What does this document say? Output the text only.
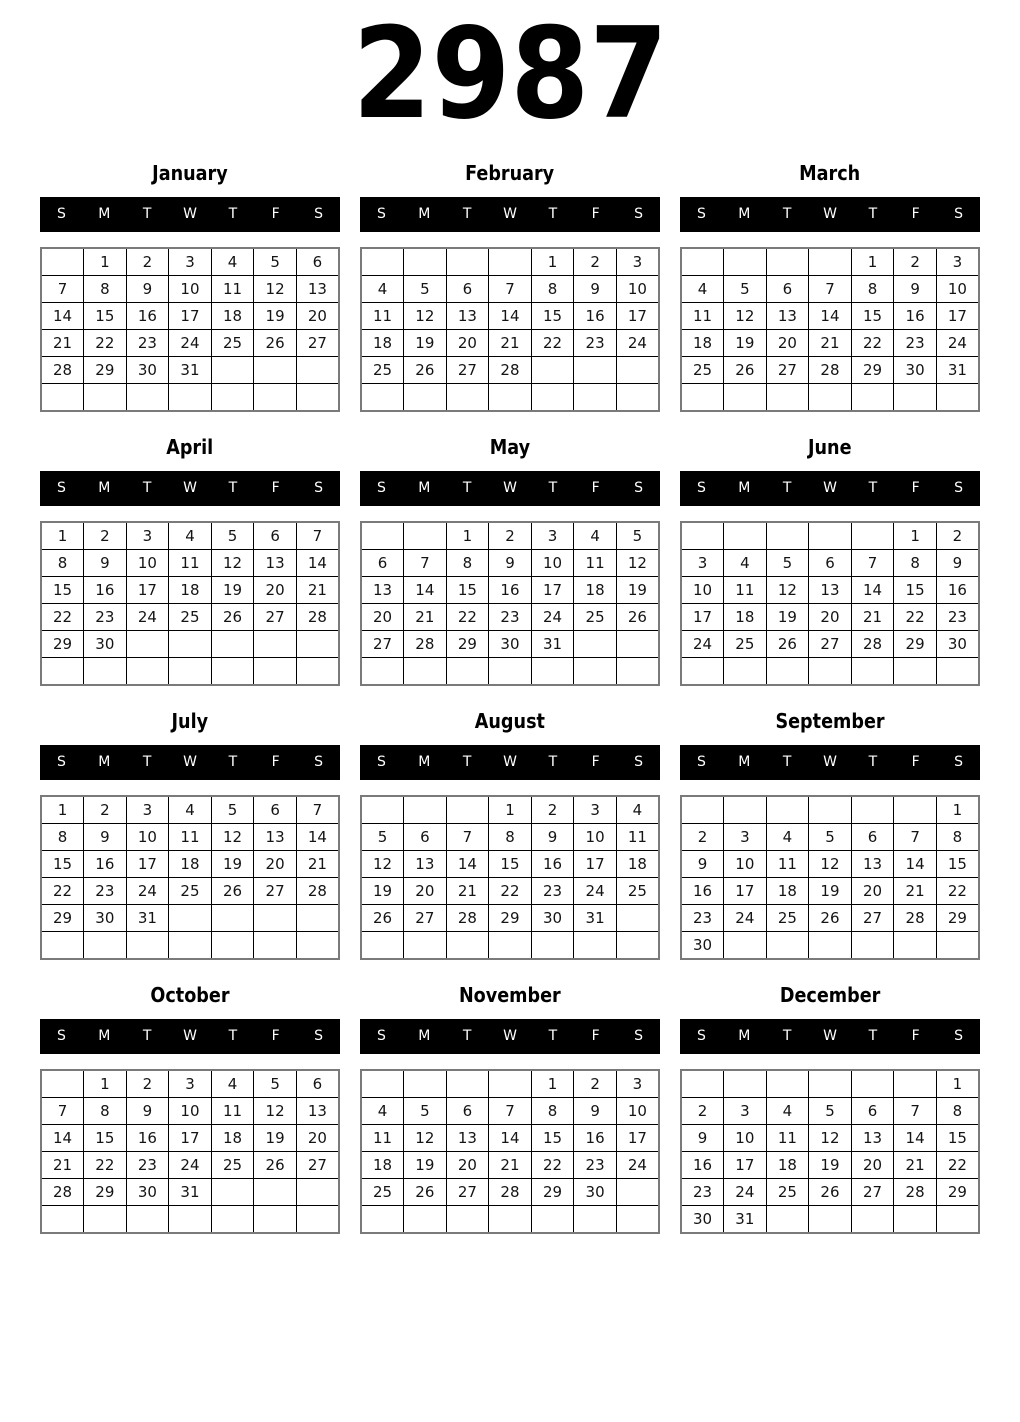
2987
January
S	M	T	W	T	F	S
	1	2	3	4	5	6
7	8	9	10	11	12	13
14	15	16	17	18	19	20
21	22	23	24	25	26	27
28	29	30	31			

February
S	M	T	W	T	F	S
				1	2	3
4	5	6	7	8	9	10
11	12	13	14	15	16	17
18	19	20	21	22	23	24
25	26	27	28			

March
S	M	T	W	T	F	S
				1	2	3
4	5	6	7	8	9	10
11	12	13	14	15	16	17
18	19	20	21	22	23	24
25	26	27	28	29	30	31

April
S	M	T	W	T	F	S
1	2	3	4	5	6	7
8	9	10	11	12	13	14
15	16	17	18	19	20	21
22	23	24	25	26	27	28
29	30					

May
S	M	T	W	T	F	S
		1	2	3	4	5
6	7	8	9	10	11	12
13	14	15	16	17	18	19
20	21	22	23	24	25	26
27	28	29	30	31		

June
S	M	T	W	T	F	S
					1	2
3	4	5	6	7	8	9
10	11	12	13	14	15	16
17	18	19	20	21	22	23
24	25	26	27	28	29	30

July
S	M	T	W	T	F	S
1	2	3	4	5	6	7
8	9	10	11	12	13	14
15	16	17	18	19	20	21
22	23	24	25	26	27	28
29	30	31				

August
S	M	T	W	T	F	S
			1	2	3	4
5	6	7	8	9	10	11
12	13	14	15	16	17	18
19	20	21	22	23	24	25
26	27	28	29	30	31	

September
S	M	T	W	T	F	S
						1
2	3	4	5	6	7	8
9	10	11	12	13	14	15
16	17	18	19	20	21	22
23	24	25	26	27	28	29
30						
October
S	M	T	W	T	F	S
	1	2	3	4	5	6
7	8	9	10	11	12	13
14	15	16	17	18	19	20
21	22	23	24	25	26	27
28	29	30	31			

November
S	M	T	W	T	F	S
				1	2	3
4	5	6	7	8	9	10
11	12	13	14	15	16	17
18	19	20	21	22	23	24
25	26	27	28	29	30	

December
S	M	T	W	T	F	S
						1
2	3	4	5	6	7	8
9	10	11	12	13	14	15
16	17	18	19	20	21	22
23	24	25	26	27	28	29
30	31					
